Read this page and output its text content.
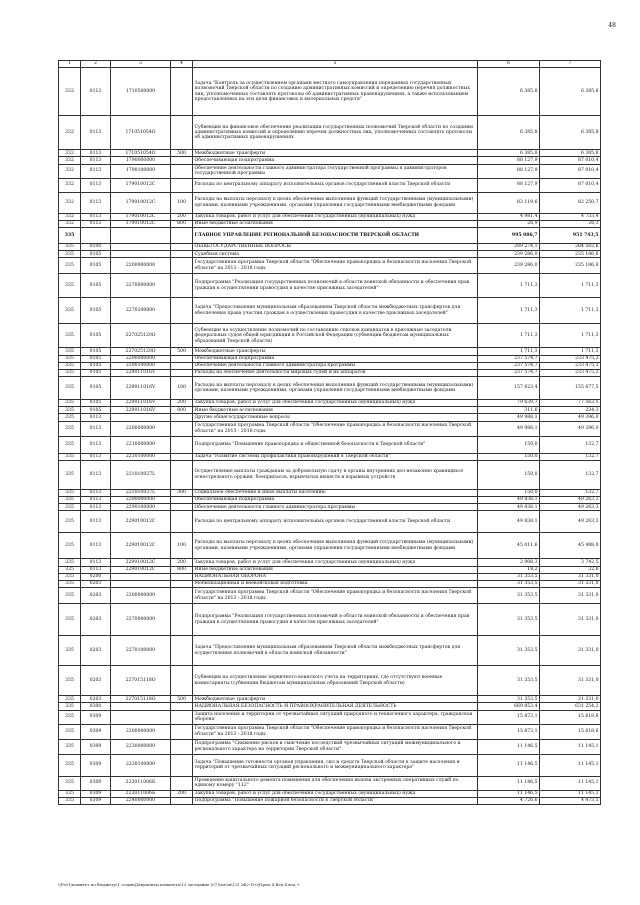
48
1	2	3	4	5	6	7
332	0113	1710500000		Задача "Контроль за осуществлением органами местного самоуправления переданных государственных полномочий Тверской области по созданию административных комиссий и определению перечня должностных лиц, уполномоченных составлять протоколы об административных правонарушениях, а также использованием предоставленных на эти цели финансовых и материальных средств"	6 385,8	6 385,8
332	0113	171051054О		Субвенции на финансовое обеспечение реализации государственных полномочий Тверской области по созданию административных комиссий и определению перечня должностных лиц, уполномоченных составлять протоколы об административных правонарушениях	6 385,8	6 385,8
332	0113	171051054О	500	Межбюджетные трансферты	6 385,8	6 385,8
332	0113	1790000000		Обеспечивающая подпрограмма	88 127,9	87 010,4
332	0113	1790100000		Обеспечение деятельности главного администратора государственной программы и администраторов государственной программы	88 127,9	87 010,4
332	0113	179010012С		Расходы по центральному аппарату исполнительных органов государственной власти Тверской области	88 127,9	87 010,4
332	0113	179010012С	100	Расходы на выплаты персоналу в целях обеспечения выполнения функций государственными (муниципальными) органами, казенными учреждениями, органами управления государственными внебюджетными фондами	83 119,6	82 250,7
332	0113	179010012С	200	Закупка товаров, работ и услуг для обеспечения государственных (муниципальных) нужд	4 981,4	4 733,4
332	0113	179010012С	800	Иные бюджетные ассигнования	26,9	26,3
335				ГЛАВНОЕ УПРАВЛЕНИЕ РЕГИОНАЛЬНОЙ БЕЗОПАСНОСТИ ТВЕРСКОЙ ОБЛАСТИ	995 086,7	951 743,5
335	0100			ОБЩЕГОСУДАРСТВЕННЫЕ ВОПРОСЫ	289 274,1	284 582,6
335	0105			Судебная система	239 286,0	235 186,6
335	0105	2200000000		Государственная программа Тверской области "Обеспечение правопорядка и безопасности населения Тверской области" на 2013 - 2018 годы	239 286,0	235 186,6
335	0105	2270000000		Подпрограмма "Реализация государственных полномочий в области воинской обязанности и обеспечения прав граждан в осуществлении правосудия в качестве присяжных заседателей"	1 711,3	1 711,3
335	0105	2270200000		Задача "Предоставление муниципальным образованиям Тверской области межбюджетных трансфертов для обеспечения права участия граждан в осуществлении правосудия в качестве присяжных заседателей"	1 711,3	1 711,3
335	0105	227025120О		Субвенции на осуществление полномочий по составлению списков кандидатов в присяжные заседатели федеральных судов общей юрисдикции в Российской Федерации (субвенции бюджетам муниципальных образований Тверской области)	1 711,3	1 711,3
335	0105	227025120О	500	Межбюджетные трансферты	1 711,3	1 711,3
335	0105	2290000000		Обеспечивающая подпрограмма	237 574,7	233 475,3
335	0105	2290100000		Обеспечение деятельности главного администратора программы	237 574,7	233 475,3
335	0105	229011016V		Расходы на обеспечение деятельности мировых судей и их аппаратов	237 574,7	233 475,3
335	0105	229011016V	100	Расходы на выплаты персоналу в целях обеспечения выполнения функций государственными (муниципальными) органами, казенными учреждениями, органами управления государственными внебюджетными фондами	157 623,4	155 677,5
335	0105	229011016V	200	Закупка товаров, работ и услуг для обеспечения государственных (муниципальных) нужд	79 639,7	77 563,5
335	0105	229011016V	800	Иные бюджетные ассигнования	311,6	234,3
335	0113			Другие общегосударственные вопросы	49 988,1	49 396,0
335	0113	2200000000		Государственная программа Тверской области "Обеспечение правопорядка и безопасности населения Тверской области" на 2013 - 2018 годы	49 988,1	49 396,0
335	0113	2210000000		Подпрограмма "Повышение правопорядка и общественной безопасности в Тверской области"	150,0	132,7
335	0113	2210100000		Задача "Развитие системы профилактики правонарушений в Тверской области"	150,0	132,7
335	0113	221010037L		Осуществление выплаты гражданам за добровольную сдачу в органы внутренних дел незаконно хранящихся огнестрельного оружия, боеприпасов, взрывчатых веществ и взрывных устройств	150,0	132,7
335	0113	221010037L	300	Социальное обеспечение и иные выплаты населению	150,0	132,7
335	0113	2290000000		Обеспечивающая подпрограмма	49 838,1	49 263,3
335	0113	2290100000		Обеспечение деятельности главного администратора программы	49 838,1	49 263,3
335	0113	229010012С		Расходы по центральному аппарату исполнительных органов государственной власти Тверской области	49 838,1	49 263,3
335	0113	229010012С	100	Расходы на выплаты персоналу в целях обеспечения выполнения функций государственными (муниципальными) органами, казенными учреждениями, органами управления государственными внебюджетными фондами	45 011,6	45 488,0
335	0113	229010012С	200	Закупка товаров, работ и услуг для обеспечения государственных (муниципальных) нужд	2 908,3	3 742,5
335	0113	229010012С	800	Иные бюджетные ассигнования	18,2	32,8
335	0200			НАЦИОНАЛЬНАЯ ОБОРОНА	31 353,5	31 331,0
335	0203			Мобилизационная и вневойсковая подготовка	31 353,5	31 331,0
335	0203	2200000000		Государственная программа Тверской области "Обеспечение правопорядка и безопасности населения Тверской области" на 2013 - 2018 годы	31 353,5	31 331,0
335	0203	2270000000		Подпрограмма "Реализация государственных полномочий в области воинской обязанности и обеспечения прав граждан в осуществлении правосудия в качестве присяжных заседателей"	31 353,5	31 331,0
335	0203	2270100000		Задача "Предоставление муниципальным образованиям Тверской области межбюджетных трансфертов для осуществления полномочий в области воинской обязанности"	31 353,5	31 331,0
335	0203	227015118О		Субвенции на осуществление первичного воинского учета на территориях, где отсутствуют военные комиссариаты (субвенции бюджетам муниципальных образований Тверской области)	31 353,5	31 331,0
335	0203	227015118О	500	Межбюджетные трансферты	31 353,5	31 331,0
335	0300			НАЦИОНАЛЬНАЯ БЕЗОПАСНОСТЬ И ПРАВООХРАНИТЕЛЬНАЯ ДЕЯТЕЛЬНОСТЬ	669 853,4	631 254,2
335	0309			Защита населения и территории от чрезвычайных ситуаций природного и техногенного характера, гражданская оборона	15 873,1	15 618,6
335	0309	2200000000		Государственная программа Тверской области "Обеспечение правопорядка и безопасности населения Тверской области" на 2013 - 2018 годы	15 873,1	15 618,6
335	0309	2230000000		Подпрограмма "Снижение рисков и смягчение последствий чрезвычайных ситуаций межмуниципального и регионального характера на территории Тверской области"	11 146,5	11 145,1
335	0309	2230100000		Задача "Повышение готовности органов управления, сил и средств Тверской области к защите населения и территорий от чрезвычайных ситуаций регионального и межмуниципального характера"	11 146,5	11 145,1
335	0309	223011006Б		Проведение капитального ремонта помещения для обеспечения вызова экстренных оперативных служб по единому номеру "112"	11 146,5	11 145,1
335	0309	223011006Б	200	Закупка товаров, работ и услуг для обеспечения государственных (муниципальных) нужд	11 146,5	11 145,1
335	0309	2240000000		Подпрограмма "Повышение пожарной безопасности в Тверской области"	4 726,6	4 473,5
\\Fs01\комитет по бюджету\1 созыв\Документы комитета\13 заседание (07)\зп\зп\13) 2Ф2-П-0\Прил 4 Вед 4 вед.+
